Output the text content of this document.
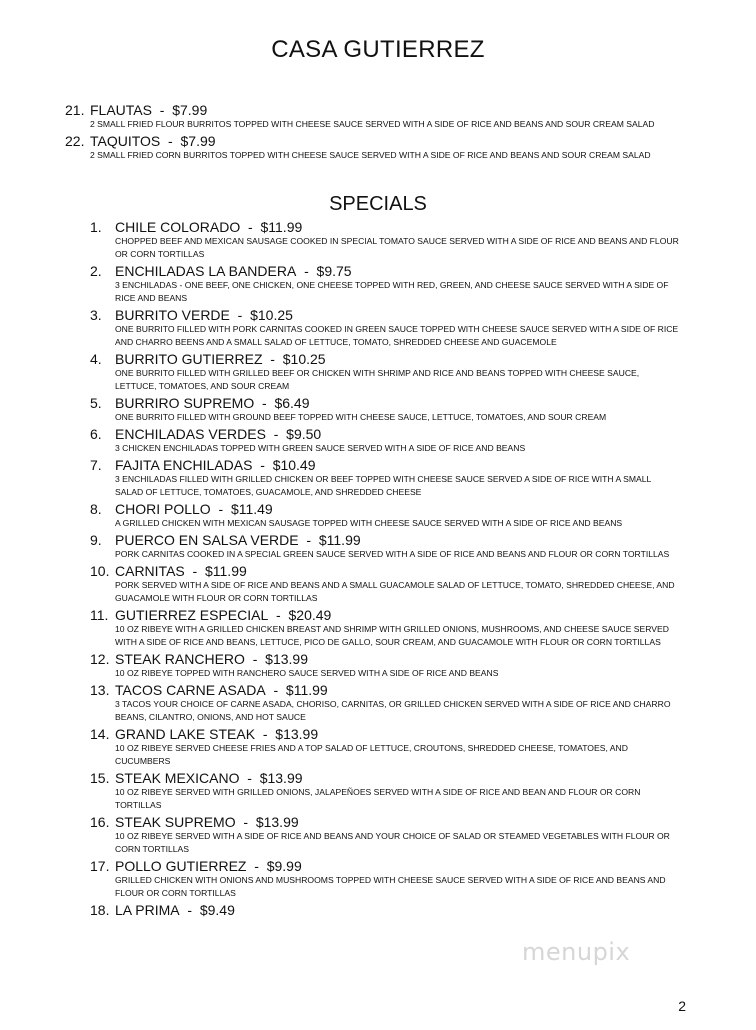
CASA GUTIERREZ
21. FLAUTAS  -  $7.99
2 SMALL FRIED FLOUR BURRITOS TOPPED WITH CHEESE SAUCE SERVED WITH A SIDE OF RICE AND BEANS AND SOUR CREAM SALAD
22. TAQUITOS  -  $7.99
2 SMALL FRIED CORN BURRITOS TOPPED WITH CHEESE SAUCE SERVED WITH A SIDE OF RICE AND BEANS AND SOUR CREAM SALAD
SPECIALS
1. CHILE COLORADO  -  $11.99
CHOPPED BEEF AND MEXICAN SAUSAGE COOKED IN SPECIAL TOMATO SAUCE SERVED WITH A SIDE OF RICE AND BEANS AND FLOUR OR CORN TORTILLAS
2. ENCHILADAS LA BANDERA  -  $9.75
3 ENCHILADAS - ONE BEEF, ONE CHICKEN, ONE CHEESE TOPPED WITH RED, GREEN, AND CHEESE SAUCE SERVED WITH A SIDE OF RICE AND BEANS
3. BURRITO VERDE  -  $10.25
ONE BURRITO FILLED WITH PORK CARNITAS COOKED IN GREEN SAUCE TOPPED WITH CHEESE SAUCE SERVED WITH A SIDE OF RICE AND CHARRO BEENS AND A SMALL SALAD OF LETTUCE, TOMATO, SHREDDED CHEESE AND GUACEMOLE
4. BURRITO GUTIERREZ  -  $10.25
ONE BURRITO FILLED WITH GRILLED BEEF OR CHICKEN WITH SHRIMP AND RICE AND BEANS TOPPED WITH CHEESE SAUCE, LETTUCE, TOMATOES, AND SOUR CREAM
5. BURRIRO SUPREMO  -  $6.49
ONE BURRITO FILLED WITH GROUND BEEF TOPPED WITH CHEESE SAUCE, LETTUCE, TOMATOES, AND SOUR CREAM
6. ENCHILADAS VERDES  -  $9.50
3 CHICKEN ENCHILADAS TOPPED WITH GREEN SAUCE SERVED WITH A SIDE OF RICE AND BEANS
7. FAJITA ENCHILADAS  -  $10.49
3 ENCHILADAS FILLED WITH GRILLED CHICKEN OR BEEF TOPPED WITH CHEESE SAUCE SERVED A SIDE OF RICE WITH A SMALL SALAD OF LETTUCE, TOMATOES, GUACAMOLE, AND SHREDDED CHEESE
8. CHORI POLLO  -  $11.49
A GRILLED CHICKEN WITH MEXICAN SAUSAGE TOPPED WITH CHEESE SAUCE SERVED WITH A SIDE OF RICE AND BEANS
9. PUERCO EN SALSA VERDE  -  $11.99
PORK CARNITAS COOKED IN A SPECIAL GREEN SAUCE SERVED WITH A SIDE OF RICE AND BEANS AND FLOUR OR CORN TORTILLAS
10. CARNITAS  -  $11.99
PORK SERVED WITH A SIDE OF RICE AND BEANS AND A SMALL GUACAMOLE SALAD OF LETTUCE, TOMATO, SHREDDED CHEESE, AND GUACAMOLE WITH FLOUR OR CORN TORTILLAS
11. GUTIERREZ ESPECIAL  -  $20.49
10 OZ RIBEYE WITH A GRILLED CHICKEN BREAST AND SHRIMP WITH GRILLED ONIONS, MUSHROOMS, AND CHEESE SAUCE SERVED WITH A SIDE OF RICE AND BEANS, LETTUCE, PICO DE GALLO, SOUR CREAM, AND GUACAMOLE WITH FLOUR OR CORN TORTILLAS
12. STEAK RANCHERO  -  $13.99
10 OZ RIBEYE TOPPED WITH RANCHERO SAUCE SERVED WITH A SIDE OF RICE AND BEANS
13. TACOS CARNE ASADA  -  $11.99
3 TACOS YOUR CHOICE OF CARNE ASADA, CHORISO, CARNITAS, OR GRILLED CHICKEN SERVED WITH A SIDE OF RICE AND CHARRO BEANS, CILANTRO, ONIONS, AND HOT SAUCE
14. GRAND LAKE STEAK  -  $13.99
10 OZ RIBEYE SERVED CHEESE FRIES AND A TOP SALAD OF LETTUCE, CROUTONS, SHREDDED CHEESE, TOMATOES, AND CUCUMBERS
15. STEAK MEXICANO  -  $13.99
10 OZ RIBEYE SERVED WITH GRILLED ONIONS, JALAPEÑOES SERVED WITH A SIDE OF RICE AND BEAN AND FLOUR OR CORN TORTILLAS
16. STEAK SUPREMO  -  $13.99
10 OZ RIBEYE SERVED WITH A SIDE OF RICE AND BEANS AND YOUR CHOICE OF SALAD OR STEAMED VEGETABLES WITH FLOUR OR CORN TORTILLAS
17. POLLO GUTIERREZ  -  $9.99
GRILLED CHICKEN WITH ONIONS AND MUSHROOMS TOPPED WITH CHEESE SAUCE SERVED WITH A SIDE OF RICE AND BEANS AND FLOUR OR CORN TORTILLAS
18. LA PRIMA  -  $9.49
menupix
2
